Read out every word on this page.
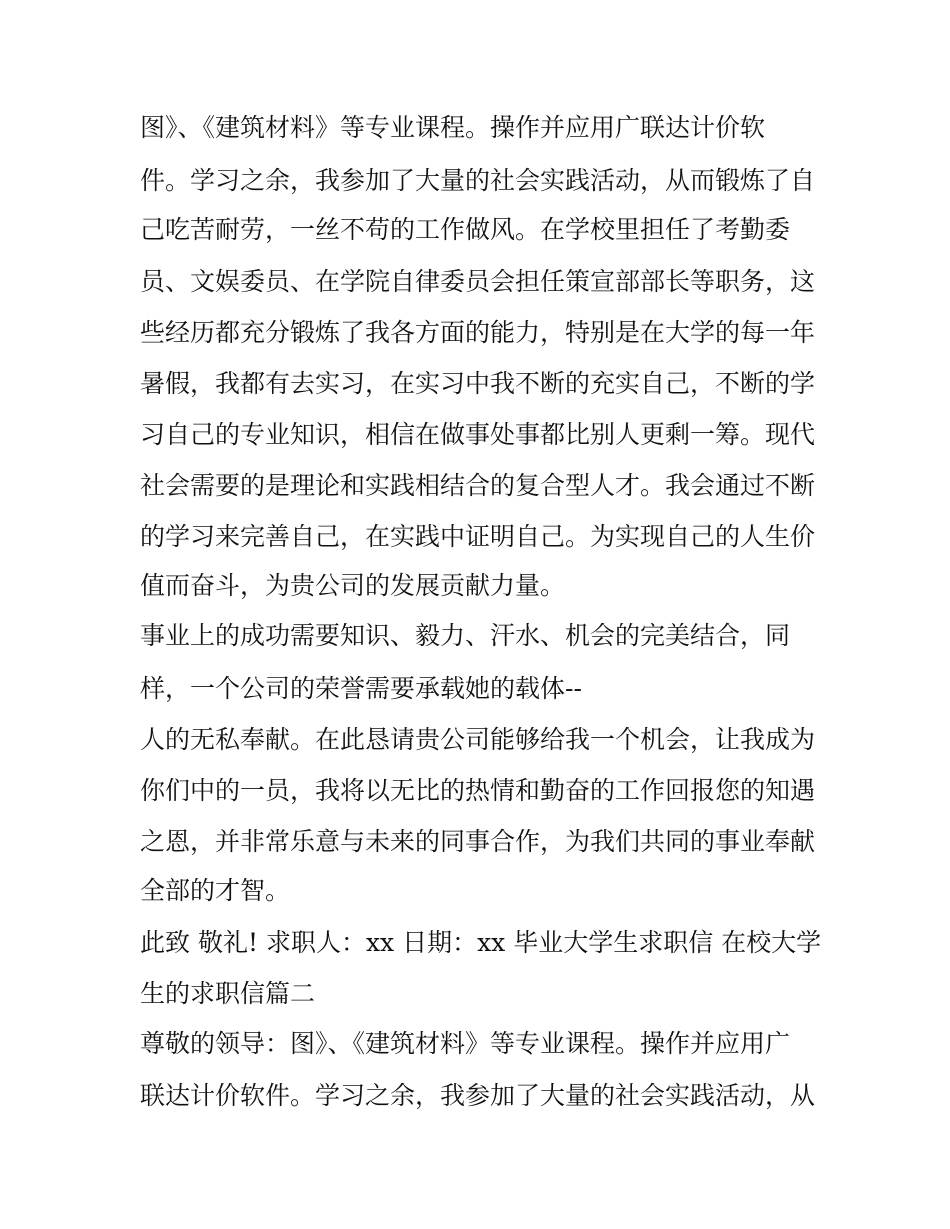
图》、《建筑材料》等专业课程。操作并应用广联达计价软

件。学习之余，我参加了大量的社会实践活动，从而锻炼了自

己吃苦耐劳，一丝不苟的工作做风。在学校里担任了考勤委

员、文娱委员、在学院自律委员会担任策宣部部长等职务，这

些经历都充分锻炼了我各方面的能力，特别是在大学的每一年

暑假，我都有去实习，在实习中我不断的充实自己，不断的学

习自己的专业知识，相信在做事处事都比别人更剩一筹。现代

社会需要的是理论和实践相结合的复合型人才。我会通过不断

的学习来完善自己，在实践中证明自己。为实现自己的人生价

值而奋斗，为贵公司的发展贡献力量。

事业上的成功需要知识、毅力、汗水、机会的完美结合，同

样，一个公司的荣誉需要承载她的载体--

人的无私奉献。在此恳请贵公司能够给我一个机会，让我成为

你们中的一员，我将以无比的热情和勤奋的工作回报您的知遇

之恩，并非常乐意与未来的同事合作，为我们共同的事业奉献

全部的才智。

此致 敬礼! 求职人：xx 日期：xx 毕业大学生求职信 在校大学

生的求职信篇二

尊敬的领导：图》、《建筑材料》等专业课程。操作并应用广

联达计价软件。学习之余，我参加了大量的社会实践活动，从
